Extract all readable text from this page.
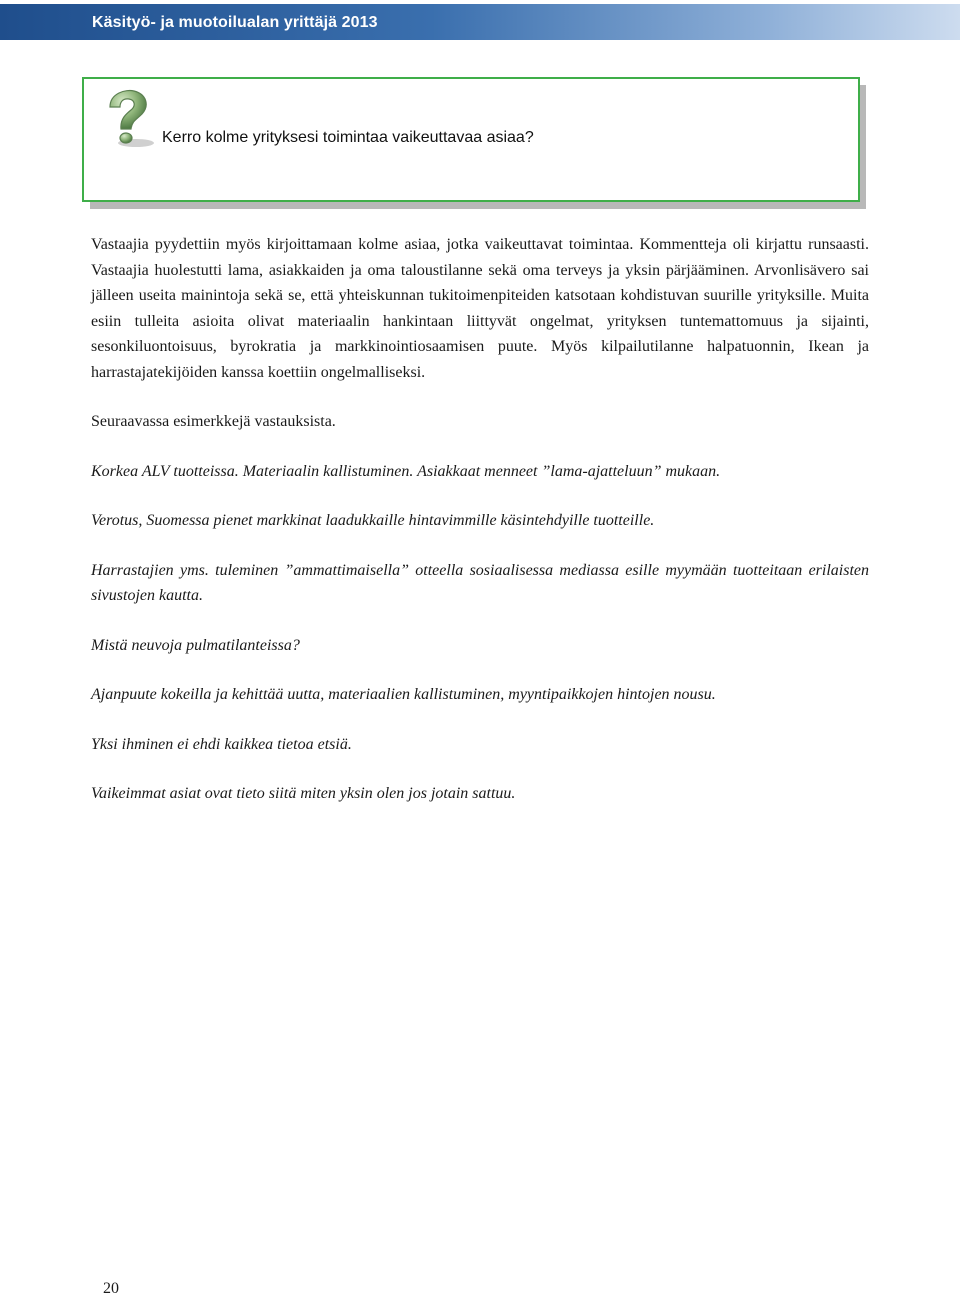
Käsityö- ja muotoilualan yrittäjä 2013
Kerro kolme yrityksesi toimintaa vaikeuttavaa asiaa?

Vastaajia pyydettiin myös kirjoittamaan kolme asiaa, jotka vaikeuttavat toimintaa. Kommentteja oli kirjattu runsaasti. Vastaajia huolestutti lama, asiakkaiden ja oma taloustilanne sekä oma terveys ja yksin pärjääminen. Arvonlisävero sai jälleen useita mainintoja sekä se, että yhteiskunnan tukitoimenpiteiden katsotaan kohdistuvan suurille yrityksille. Muita esiin tulleita asioita olivat materiaalin hankintaan liittyvät ongelmat, yrityksen tuntemattomuus ja sijainti, sesonkiluontoisuus, byrokratia ja markkinointiosaamisen puute. Myös kilpailutilanne halpatuonnin, Ikean ja harrastajatekijöiden kanssa koettiin ongelmalliseksi.

Seuraavassa esimerkkejä vastauksista.

Korkea ALV tuotteissa. Materiaalin kallistuminen. Asiakkaat menneet ”lama-ajatteluun” mukaan.

Verotus, Suomessa pienet markkinat laadukkaille hintavimmille käsintehdyille tuotteille.

Harrastajien yms. tuleminen ”ammattimaisella” otteella sosiaalisessa mediassa esille myymään tuotteitaan erilaisten sivustojen kautta.

Mistä neuvoja pulmatilanteissa?

Ajanpuute kokeilla ja kehittää uutta, materiaalien kallistuminen, myyntipaikkojen hintojen nousu.

Yksi ihminen ei ehdi kaikkea tietoa etsiä.

Vaikeimmat asiat ovat tieto siitä miten yksin olen jos jotain sattuu.

20
